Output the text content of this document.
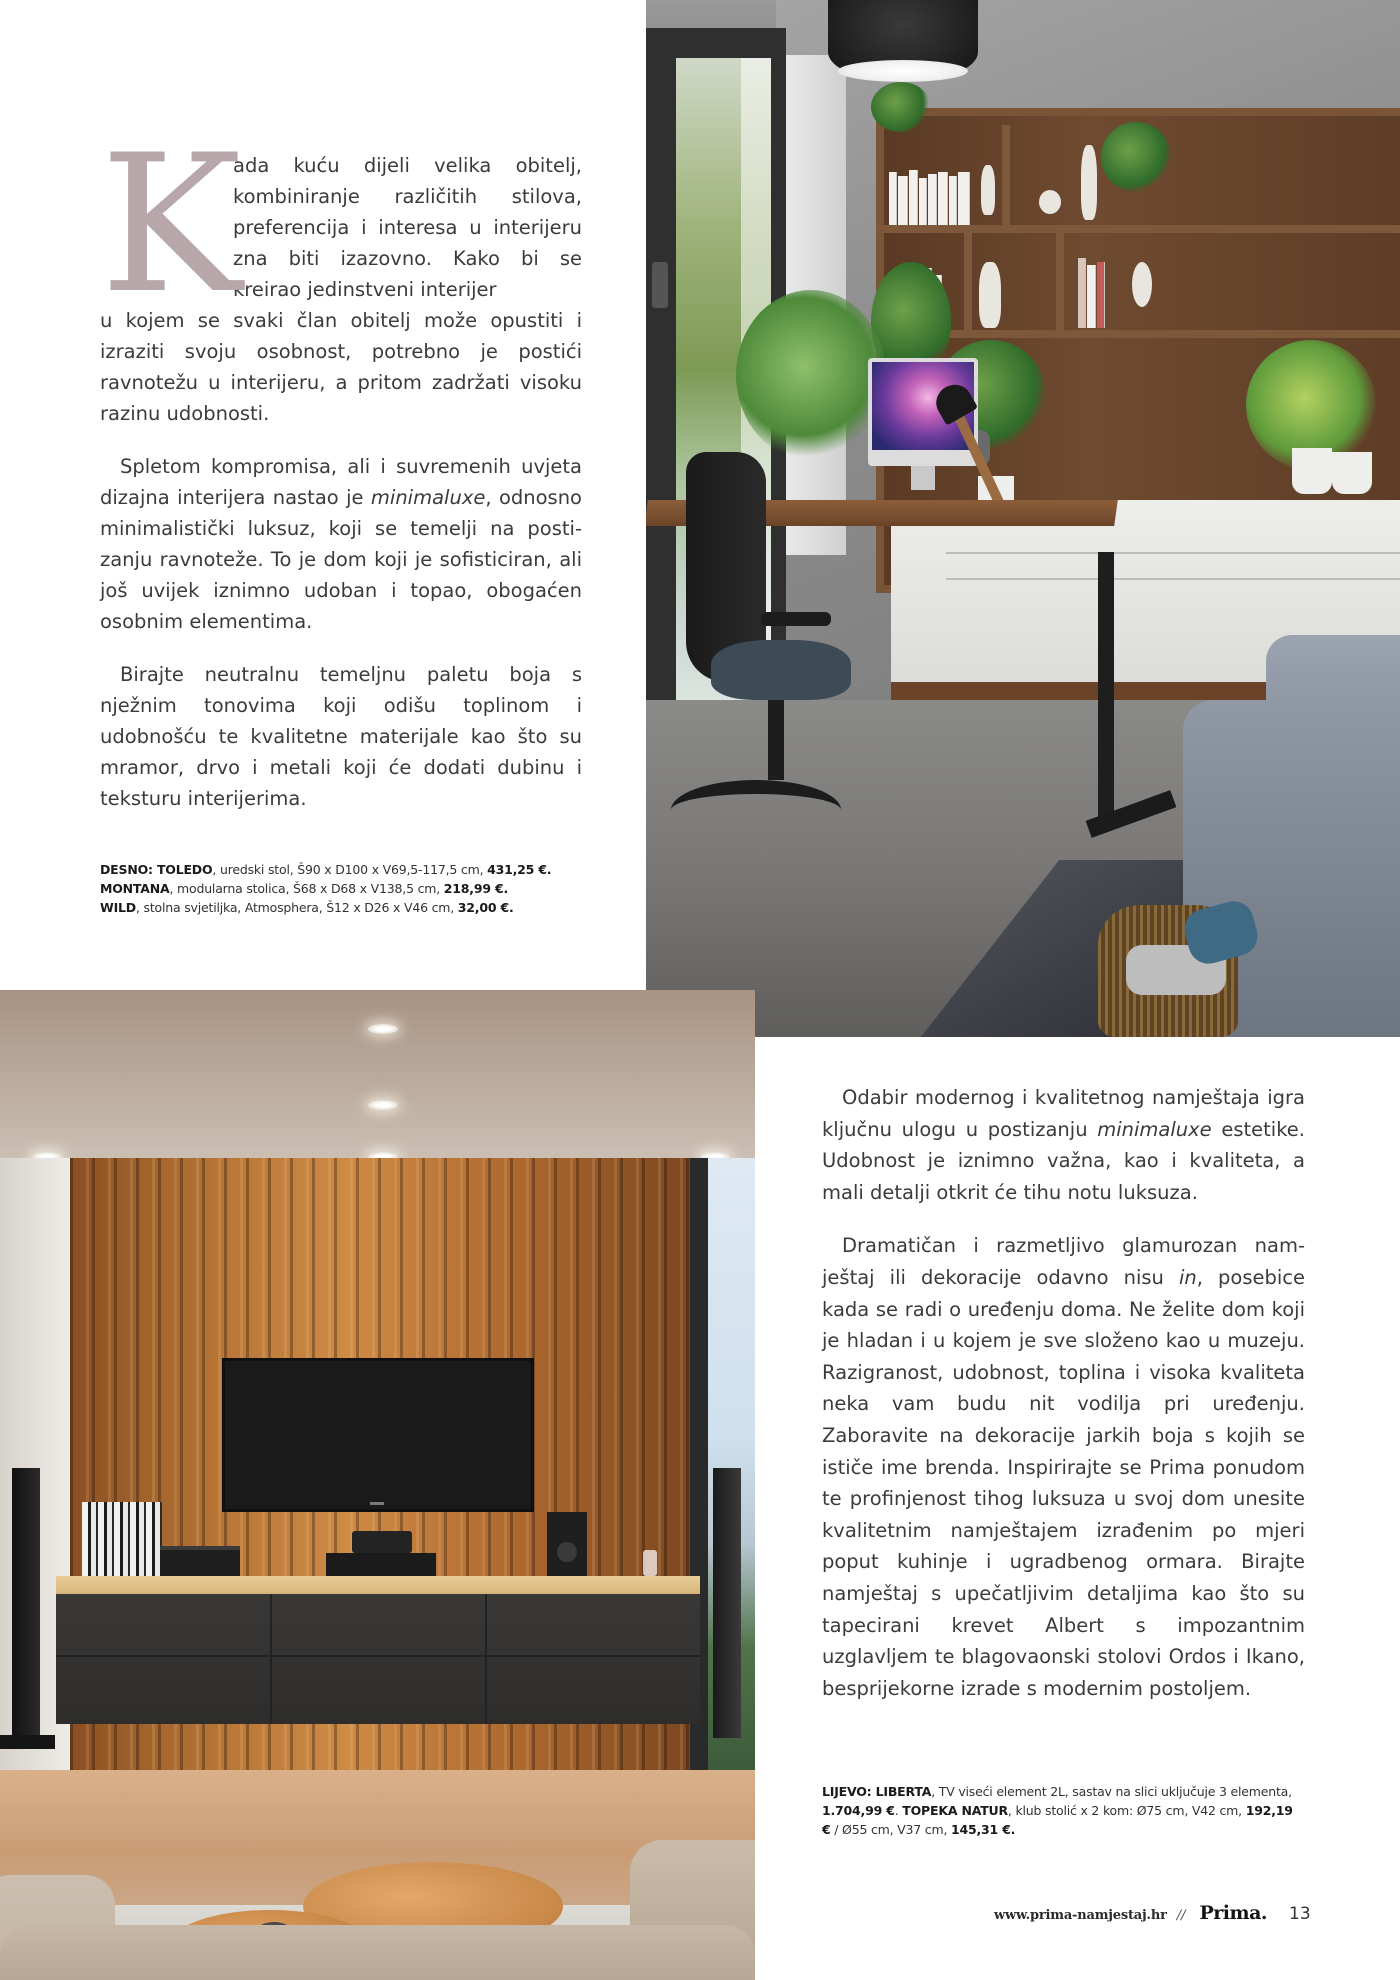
K

ada kuću dijeli velika obitelj, kombiniranje različitih stilova, preferencija i interesa u interijeru zna biti izazovno. Kako bi se kreirao jedinstveni interijer

u kojem se svaki član obitelj može opustiti i izraziti svoju osobnost, potrebno je postići ravnotežu u interijeru, a pritom zadržati visoku razinu udobnosti.

Spletom kompromisa, ali i suvremenih uvjeta dizajna interijera nastao je minimaluxe, odnosno minimalistički luksuz, koji se temelji na postizanju ravnoteže. To je dom koji je sofisticiran, ali još uvijek iznimno udoban i topao, obogaćen osobnim elementima.

Birajte neutralnu temeljnu paletu boja s nježnim tonovima koji odišu toplinom i udobnošću te kvalitetne materijale kao što su mramor, drvo i metali koji će dodati dubinu i teksturu interijerima.

DESNO: TOLEDO, uredski stol, Š90 x D100 x V69,5-117,5 cm, 431,25 €.
MONTANA, modularna stolica, Š68 x D68 x V138,5 cm, 218,99 €.
WILD, stolna svjetiljka, Atmosphera, Š12 x D26 x V46 cm, 32,00 €.

Odabir modernog i kvalitetnog namještaja igra ključnu ulogu u postizanju minimaluxe estetike. Udobnost je iznimno važna, kao i kvaliteta, a mali detalji otkrit će tihu notu luksuza.

Dramatičan i razmetljivo glamurozan namještaj ili dekoracije odavno nisu in, posebice kada se radi o uređenju doma. Ne želite dom koji je hladan i u kojem je sve složeno kao u muzeju. Razigranost, udobnost, toplina i visoka kvaliteta neka vam budu nit vodilja pri uređenju. Zaboravite na dekoracije jarkih boja s kojih se ističe ime brenda. Inspirirajte se Prima ponudom te profinjenost tihog luksuza u svoj dom unesite kvalitetnim namještajem izrađenim po mjeri poput kuhinje i ugradbenog ormara. Birajte namještaj s upečatljivim detaljima kao što su tapecirani krevet Albert s impozantnim uzglavljem te blagovaonski stolovi Ordos i Ikano, besprijekorne izrade s modernim postoljem.

LIJEVO: LIBERTA, TV viseći element 2L, sastav na slici uključuje 3 elementa, 1.704,99 €. TOPEKA NATUR, klub stolić x 2 kom: Ø75 cm, V42 cm, 192,19 € / Ø55 cm, V37 cm, 145,31 €.
www.prima-namjestaj.hr // Prima. 13
